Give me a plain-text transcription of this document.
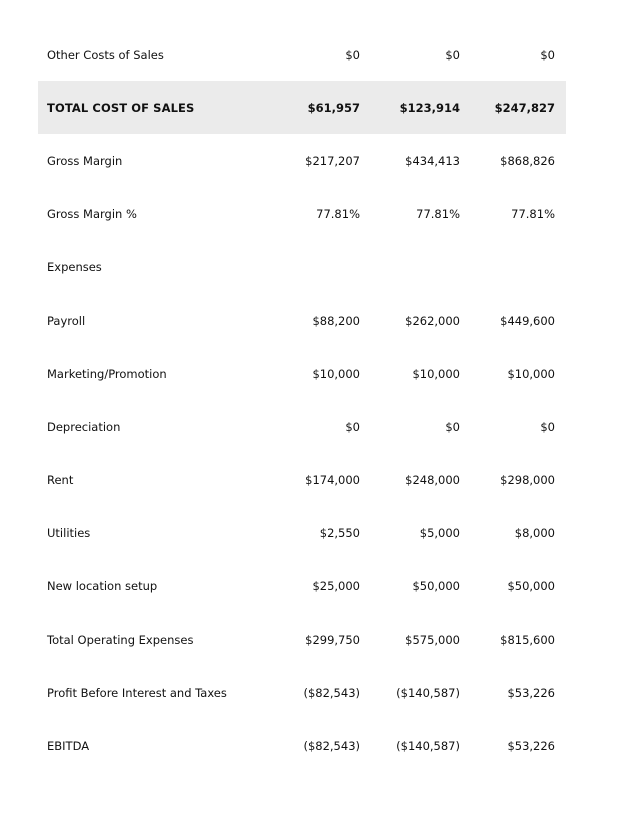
Other Costs of Sales	$0	$0	$0
TOTAL COST OF SALES	$61,957	$123,914	$247,827
Gross Margin	$217,207	$434,413	$868,826
Gross Margin %	77.81%	77.81%	77.81%
Expenses			
Payroll	$88,200	$262,000	$449,600
Marketing/Promotion	$10,000	$10,000	$10,000
Depreciation	$0	$0	$0
Rent	$174,000	$248,000	$298,000
Utilities	$2,550	$5,000	$8,000
New location setup	$25,000	$50,000	$50,000
Total Operating Expenses	$299,750	$575,000	$815,600
Profit Before Interest and Taxes	($82,543)	($140,587)	$53,226
EBITDA	($82,543)	($140,587)	$53,226
